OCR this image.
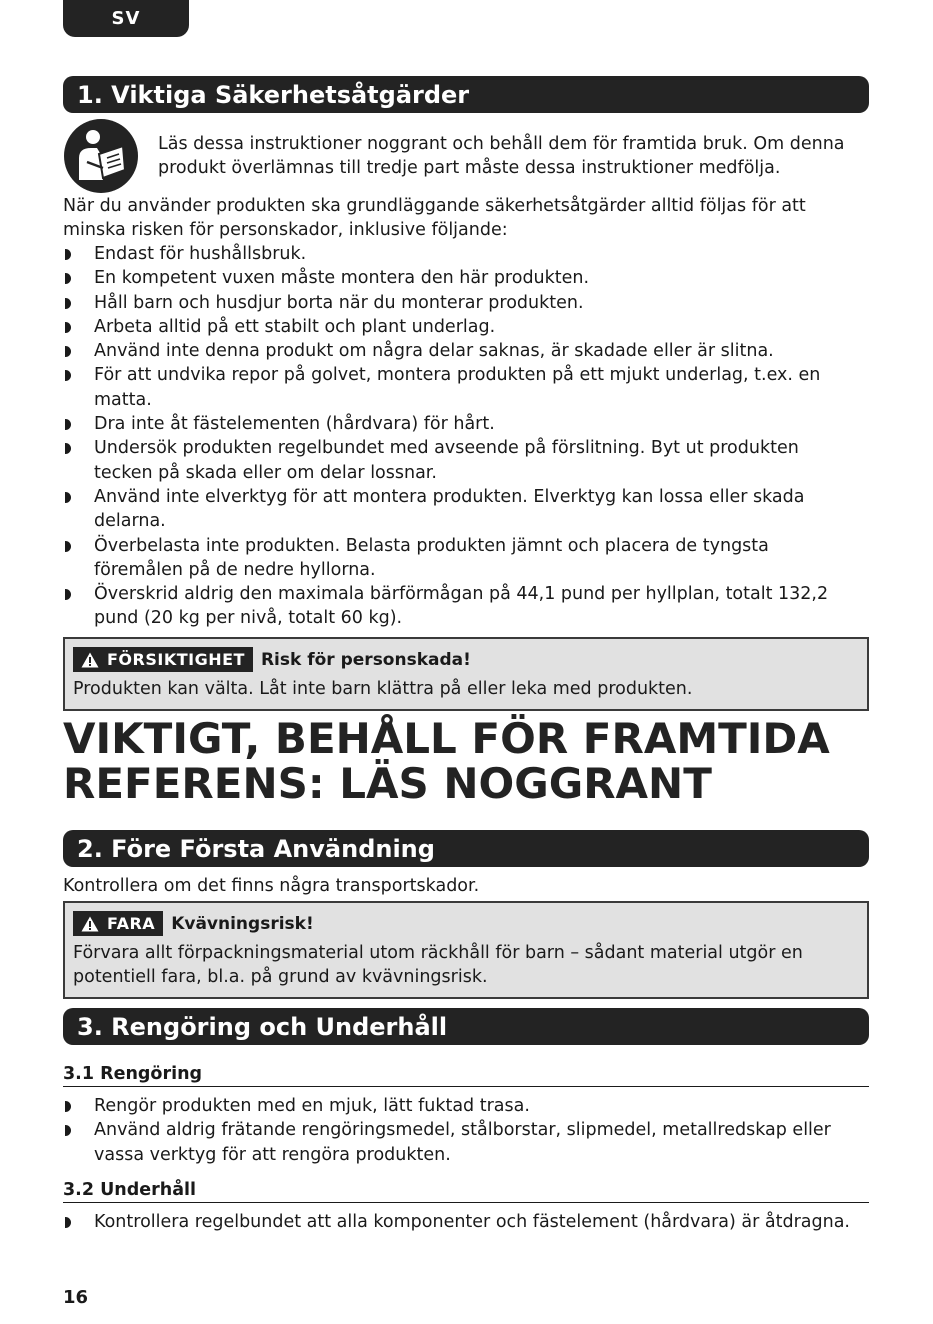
SV
1. Viktiga Säkerhetsåtgärder

Läs dessa instruktioner noggrant och behåll dem för framtida bruk. Om denna produkt överlämnas till tredje part måste dessa instruktioner medfölja.

När du använder produkten ska grundläggande säkerhetsåtgärder alltid följas för att minska risken för personskador, inklusive följande:

Endast för hushållsbruk.
En kompetent vuxen måste montera den här produkten.
Håll barn och husdjur borta när du monterar produkten.
Arbeta alltid på ett stabilt och plant underlag.
Använd inte denna produkt om några delar saknas, är skadade eller är slitna.
För att undvika repor på golvet, montera produkten på ett mjukt underlag, t.ex. en matta.
Dra inte åt fästelementen (hårdvara) för hårt.
Undersök produkten regelbundet med avseende på förslitning. Byt ut produkten tecken på skada eller om delar lossnar.
Använd inte elverktyg för att montera produkten. Elverktyg kan lossa eller skada delarna.
Överbelasta inte produkten. Belasta produkten jämnt och placera de tyngsta föremålen på de nedre hyllorna.
Överskrid aldrig den maximala bärförmågan på 44,1 pund per hyllplan, totalt 132,2 pund (20 kg per nivå, totalt 60 kg).
FÖRSIKTIGHET Risk för personskada!
Produkten kan välta. Låt inte barn klättra på eller leka med produkten.
VIKTIGT, BEHÅLL FÖR FRAMTIDA REFERENS: LÄS NOGGRANT
2. Före Första Användning

Kontrollera om det finns några transportskador.

FARA Kvävningsrisk!
Förvara allt förpackningsmaterial utom räckhåll för barn – sådant material utgör en potentiell fara, bl.a. på grund av kvävningsrisk.
3. Rengöring och Underhåll
3.1 Rengöring
Rengör produkten med en mjuk, lätt fuktad trasa.
Använd aldrig frätande rengöringsmedel, stålborstar, slipmedel, metallredskap eller vassa verktyg för att rengöra produkten.
3.2 Underhåll
Kontrollera regelbundet att alla komponenter och fästelement (hårdvara) är åtdragna.
16
